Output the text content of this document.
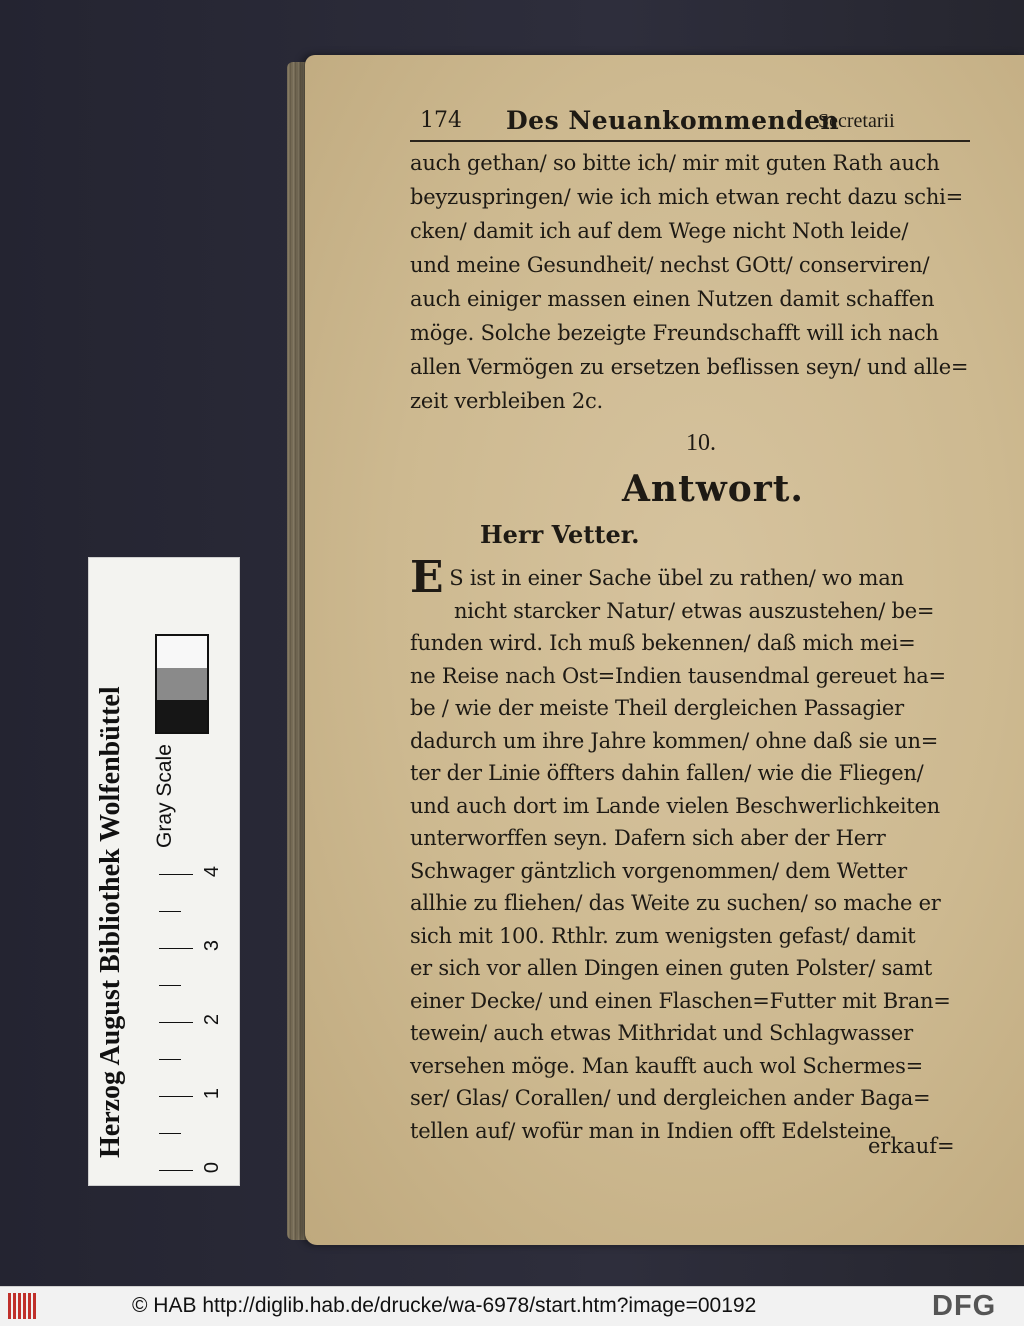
174 Des Neuankommenden
Secretarii
auch gethan/ so bitte ich/ mir mit guten Rath auch
beyzuspringen/ wie ich mich etwan recht dazu schi=
cken/ damit ich auf dem Wege nicht Noth leide/
und meine Gesundheit/ nechst GOtt/ conserviren/
auch einiger massen einen Nutzen damit schaffen
möge. Solche bezeigte Freundschafft will ich nach
allen Vermögen zu ersetzen beflissen seyn/ und alle=
zeit verbleiben 2c.
10.
Antwort.
Herr Vetter.
E S ist in einer Sache übel zu rathen/ wo man
nicht starcker Natur/ etwas auszustehen/ be=
funden wird. Ich muß bekennen/ daß mich mei=
ne Reise nach Ost=Indien tausendmal gereuet ha=
be / wie der meiste Theil dergleichen Passagier
dadurch um ihre Jahre kommen/ ohne daß sie un=
ter der Linie öffters dahin fallen/ wie die Fliegen/
und auch dort im Lande vielen Beschwerlichkeiten
unterworffen seyn. Dafern sich aber der Herr
Schwager gäntzlich vorgenommen/ dem Wetter
allhie zu fliehen/ das Weite zu suchen/ so mache er
sich mit 100. Rthlr. zum wenigsten gefast/ damit
er sich vor allen Dingen einen guten Polster/ samt
einer Decke/ und einen Flaschen=Futter mit Bran=
tewein/ auch etwas Mithridat und Schlagwasser
versehen möge. Man kaufft auch wol Schermes=
ser/ Glas/ Corallen/ und dergleichen ander Baga=
tellen auf/ wofür man in Indien offt Edelsteine
erkauf=
Herzog August Bibliothek Wolfenbüttel Gray Scale
0
1
2
3
4
© HAB http://diglib.hab.de/drucke/wa-6978/start.htm?image=00192	DFG
